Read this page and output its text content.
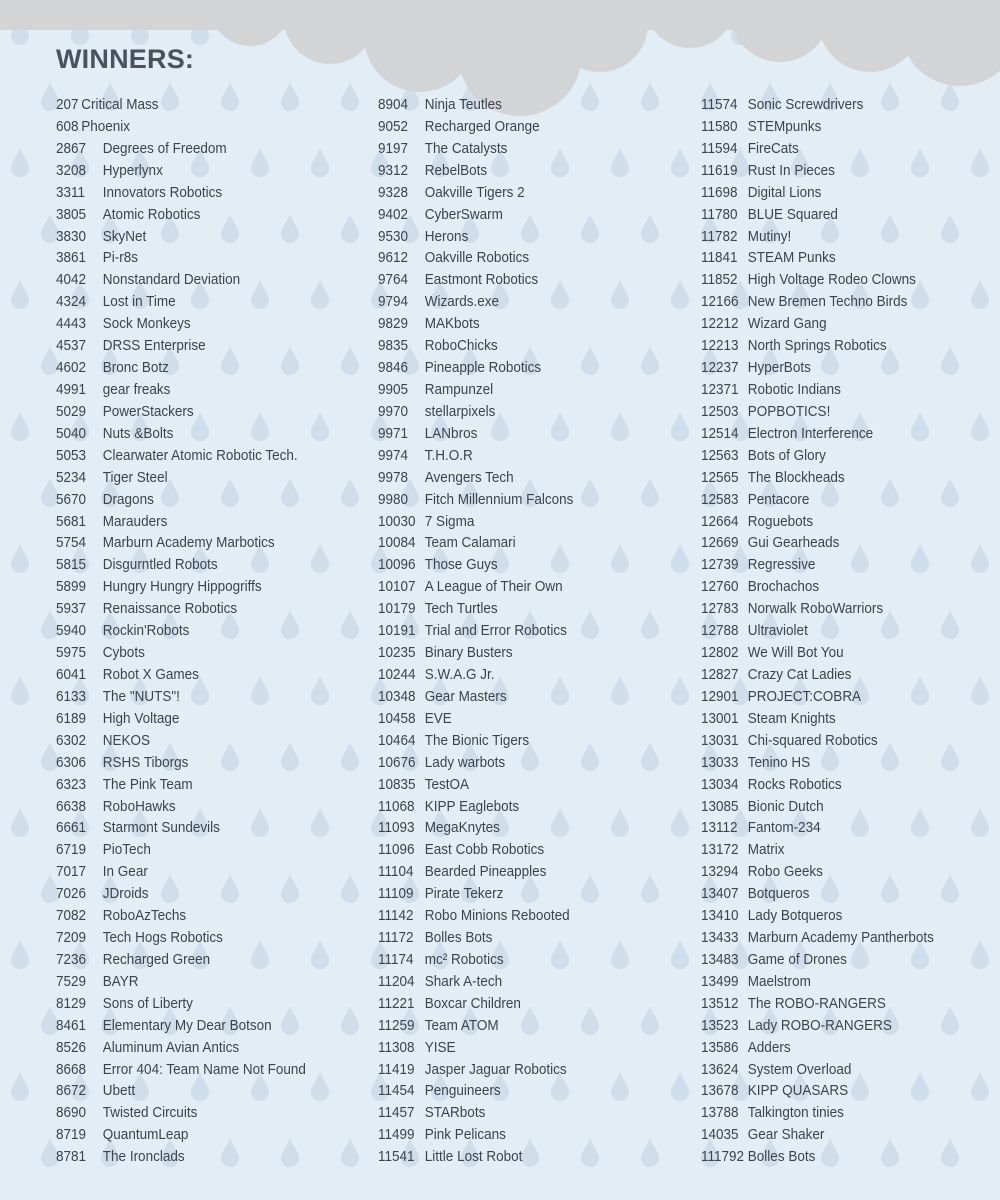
WINNERS:
207 Critical Mass
608 Phoenix
2867 Degrees of Freedom
3208 Hyperlynx
3311 Innovators Robotics
3805 Atomic Robotics
3830 SkyNet
3861 Pi-r8s
4042 Nonstandard Deviation
4324 Lost in Time
4443 Sock Monkeys
4537 DRSS Enterprise
4602 Bronc Botz
4991 gear freaks
5029 PowerStackers
5040 Nuts &Bolts
5053 Clearwater Atomic Robotic Tech.
5234 Tiger Steel
5670 Dragons
5681 Marauders
5754 Marburn Academy Marbotics
5815 Disgurntled Robots
5899 Hungry Hungry Hippogriffs
5937 Renaissance Robotics
5940 Rockin'Robots
5975 Cybots
6041 Robot X Games
6133 The "NUTS"!
6189 High Voltage
6302 NEKOS
6306 RSHS Tiborgs
6323 The Pink Team
6638 RoboHawks
6661 Starmont Sundevils
6719 PioTech
7017 In Gear
7026 JDroids
7082 RoboAzTechs
7209 Tech Hogs Robotics
7236 Recharged Green
7529 BAYR
8129 Sons of Liberty
8461 Elementary My Dear Botson
8526 Aluminum Avian Antics
8668 Error 404: Team Name Not Found
8672 Ubett
8690 Twisted Circuits
8719 QuantumLeap
8781 The Ironclads
8904 Ninja Teutles
9052 Recharged Orange
9197 The Catalysts
9312 RebelBots
9328 Oakville Tigers 2
9402 CyberSwarm
9530 Herons
9612 Oakville Robotics
9764 Eastmont Robotics
9794 Wizards.exe
9829 MAKbots
9835 RoboChicks
9846 Pineapple Robotics
9905 Rampunzel
9970 stellarpixels
9971 LANbros
9974 T.H.O.R
9978 Avengers Tech
9980 Fitch Millennium Falcons
10030 7 Sigma
10084 Team Calamari
10096 Those Guys
10107 A League of Their Own
10179 Tech Turtles
10191 Trial and Error Robotics
10235 Binary Busters
10244 S.W.A.G Jr.
10348 Gear Masters
10458 EVE
10464 The Bionic Tigers
10676 Lady warbots
10835 TestOA
11068 KIPP Eaglebots
11093 MegaKnytes
11096 East Cobb Robotics
11104 Bearded Pineapples
11109 Pirate Tekerz
11142 Robo Minions Rebooted
11172 Bolles Bots
11174 mc² Robotics
11204 Shark A-tech
11221 Boxcar Children
11259 Team ATOM
11308 YISE
11419 Jasper Jaguar Robotics
11454 Penguineers
11457 STARbots
11499 Pink Pelicans
11541 Little Lost Robot
11574 Sonic Screwdrivers
11580 STEMpunks
11594 FireCats
11619 Rust In Pieces
11698 Digital Lions
11780 BLUE Squared
11782 Mutiny!
11841 STEAM Punks
11852 High Voltage Rodeo Clowns
12166 New Bremen Techno Birds
12212 Wizard Gang
12213 North Springs Robotics
12237 HyperBots
12371 Robotic Indians
12503 POPBOTICS!
12514 Electron Interference
12563 Bots of Glory
12565 The Blockheads
12583 Pentacore
12664 Roguebots
12669 Gui Gearheads
12739 Regressive
12760 Brochachos
12783 Norwalk RoboWarriors
12788 Ultraviolet
12802 We Will Bot You
12827 Crazy Cat Ladies
12901 PROJECT:COBRA
13001 Steam Knights
13031 Chi-squared Robotics
13033 Tenino HS
13034 Rocks Robotics
13085 Bionic Dutch
13112 Fantom-234
13172 Matrix
13294 Robo Geeks
13407 Botqueros
13410 Lady Botqueros
13433 Marburn Academy Pantherbots
13483 Game of Drones
13499 Maelstrom
13512 The ROBO-RANGERS
13523 Lady ROBO-RANGERS
13586 Adders
13624 System Overload
13678 KIPP QUASARS
13788 Talkington tinies
14035 Gear Shaker
111792 Bolles Bots
